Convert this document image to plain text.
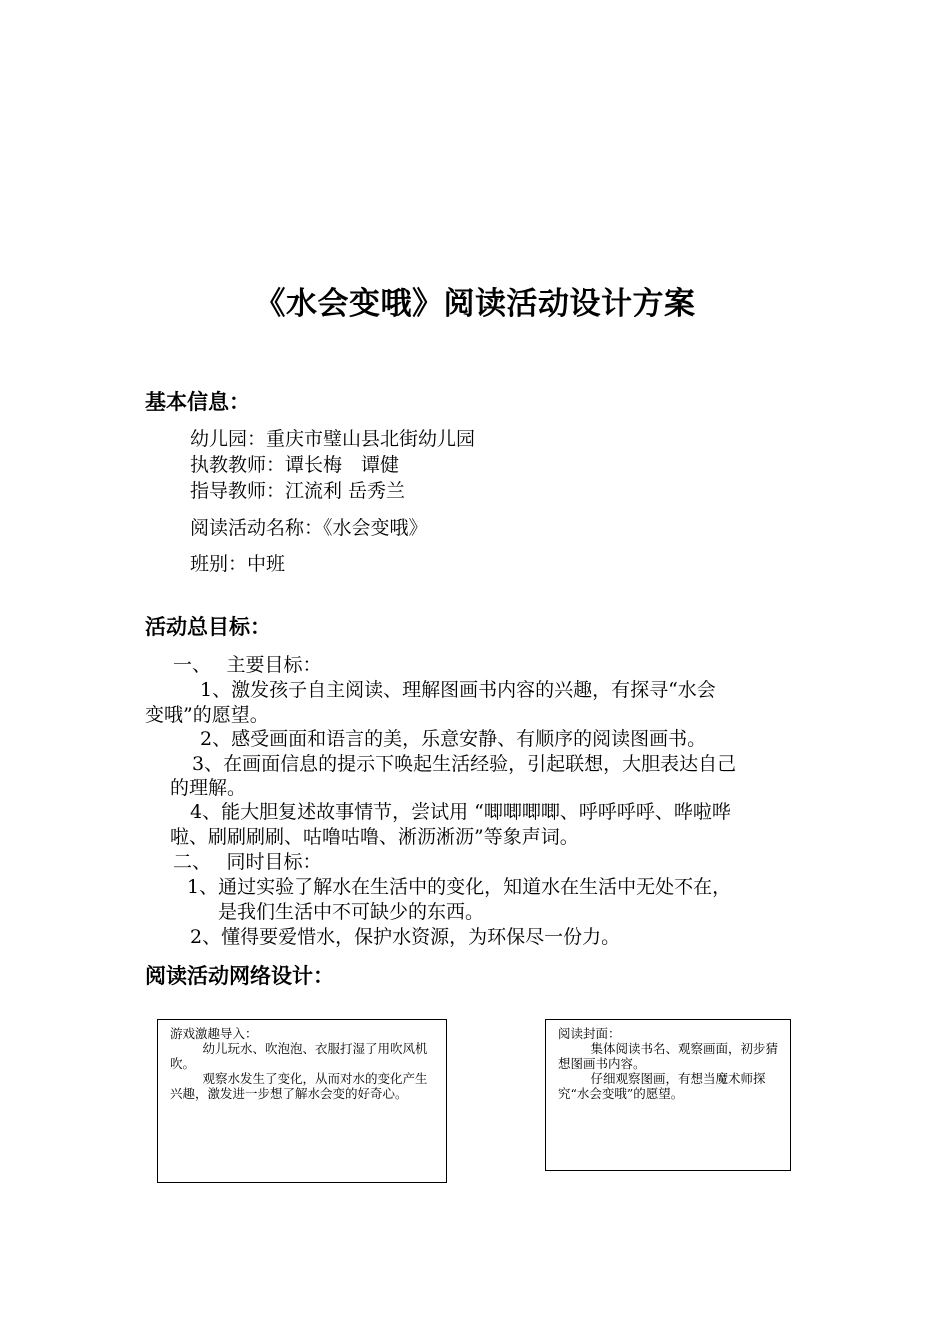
《水会变哦》阅读活动设计方案
基本信息：
幼儿园：重庆市璧山县北街幼儿园
执教教师：谭长梅　谭健
指导教师：江流利 岳秀兰
阅读活动名称：《水会变哦》
班别：中班
活动总目标：
一、　 主要目标：
1、激发孩子自主阅读、理解图画书内容的兴趣，有探寻“水会
变哦”的愿望。
2、感受画面和语言的美，乐意安静、有顺序的阅读图画书。
3、在画面信息的提示下唤起生活经验，引起联想，大胆表达自己
的理解。
4、能大胆复述故事情节，尝试用 “唧唧唧唧、呼呼呼呼、哗啦哗
啦、刷刷刷刷、咕噜咕噜、淅沥淅沥”等象声词。
二、　 同时目标：
1、通过实验了解水在生活中的变化，知道水在生活中无处不在，
是我们生活中不可缺少的东西。
2、懂得要爱惜水，保护水资源，为环保尽一份力。
阅读活动网络设计：

游戏激趣导入：

幼儿玩水、吹泡泡、衣服打湿了用吹风机吹。

观察水发生了变化，从而对水的变化产生兴趣，激发进一步想了解水会变的好奇心。

阅读封面：

集体阅读书名、观察画面，初步猜想图画书内容。

仔细观察图画，有想当魔术师探究“水会变哦”的愿望。
